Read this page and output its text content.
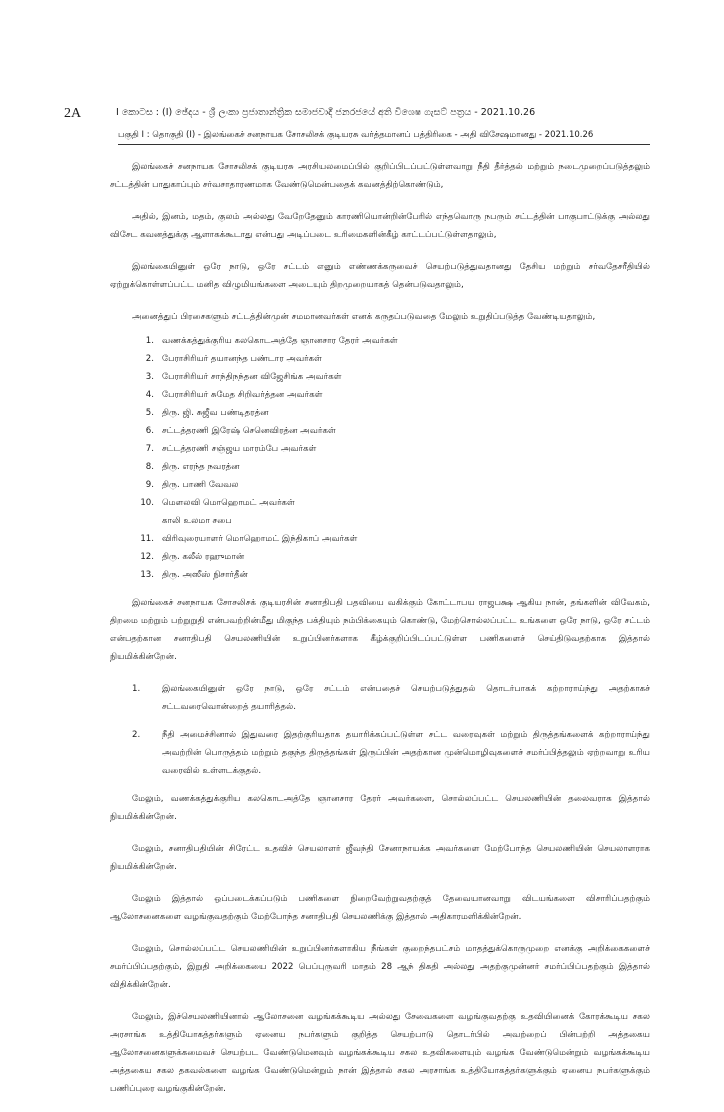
2A	I කොටස : (I) ඡේදය - ශ්‍රී ලංකා ප්‍රජාතාන්ත්‍රික සමාජවාදී ජනරජයේ අති විශෙෂ ගැසට් පත්‍රය - 2021.10.26
பகுதி I : தொகுதி (I) - இலங்கைச் சனநாயக சோசலிசக் குடியரசு வர்த்தமானப் பத்திரிகை - அதி விசேஷமானது - 2021.10.26

இலங்கைச் சனநாயக சோசலிசக் குடியரசு அரசியலமைப்பில் குறிப்பிடப்பட்டுள்ளவாறு நீதி தீர்த்தல் மற்றும் நடைமுறைப்படுத்தலும் சட்டத்தின் பாதுகாப்பும் சர்வசாதாரணமாக வேண்டுமென்பதைக் கவனத்திற்கொண்டும்,

அதில், இனம், மதம், குலம் அல்லது வேறேதேனும் காரணியொன்றின்பேரில் எந்தவொரு நபரும் சட்டத்தின் பாகுபாட்டுக்கு அல்லது விசேட கவனத்துக்கு ஆளாகக்கூடாது என்பது அடிப்படை உரிமைகளின்கீழ் காட்டப்பட்டுள்ளதாலும்,

இலங்கையினுள் ஒரே நாடு, ஒரே சட்டம் எனும் எண்ணக்கருவைச் செயற்படுத்துவதானது தேசிய மற்றும் சர்வதேசரீதியில் ஏற்றுக்கொள்ளப்பட்ட மனித விழுமியங்களை அடையும் திறமுறையாகத் தென்படுவதாலும்,

அனைத்துப் பிரசைகளும் சட்டத்தின்முன் சமமானவர்கள் எனக் கருதப்படுவதை மேலும் உறுதிப்படுத்த வேண்டியதாலும்,

1. வணக்கத்துக்குரிய கலகொடஅத்தே ஞானசார தேரர் அவர்கள்
2. பேராசிரியர் தயானந்த பண்டார அவர்கள்
3. பேராசிரியர் சாந்திநந்தன விஜேசிங்க அவர்கள்
4. பேராசிரியர் சுமேத சிறிவர்த்தன அவர்கள்
5. திரு. ஜி. சுஜீவ பண்டிதரத்ன
6. சட்டத்தரணி இரேஷ் செனெவிரத்ன அவர்கள்
7. சட்டத்தரணி சஞ்ஜய மாரம்பே அவர்கள்
8. திரு. எரந்த நவரத்ன
9. திரு. பாணி வேவல
10. மௌலவி மொஹொமட் அவர்கள்
காலி உலமா சபை
11. விரிவுரையாளர் மொஹொமட் இந்திகாப் அவர்கள்
12. திரு. கலீல் ரஹுமான்
13. திரு. அஸீஸ் நிசார்தீன்

இலங்கைச் சனநாயக சோசலிசக் குடியரசின் சனாதிபதி பதவியை வகிக்கும் கோட்டாபய ராஜபக்ஷ ஆகிய நான், தங்களின் விவேகம், திறமை மற்றும் பற்றுறுதி என்பவற்றின்மீது மிகுந்த பக்தியும் நம்பிக்கையும் கொண்டு, மேற்சொல்லப்பட்ட உங்களை ஒரே நாடு, ஒரே சட்டம் என்பதற்கான சனாதிபதி செயலணியின் உறுப்பினர்களாக கீழ்க்குறிப்பிடப்பட்டுள்ள பணிகளைச் செய்திடுவதற்காக இத்தால் நியமிக்கின்றேன்.

1.	இலங்கையினுள் ஒரே நாடு, ஒரே சட்டம் என்பதைச் செயற்படுத்துதல் தொடர்பாகக் கற்றாராய்ந்து அதற்காகச் சட்டவரைவொன்றைத் தயாரித்தல்.
2.	நீதி அமைச்சினால் இதுவரை இதற்குரியதாக தயாரிக்கப்பட்டுள்ள சட்ட வரைவுகள் மற்றும் திருத்தங்களைக் கற்றாராய்ந்து அவற்றின் பொருத்தம் மற்றும் தகுந்த திருத்தங்கள் இருப்பின் அதற்கான முன்மொழிவுகளைச் சமர்ப்பித்தலும் ஏற்றவாறு உரிய வரைவில் உள்ளடக்குதல்.

மேலும், வணக்கத்துக்குரிய கலகொடஅத்தே ஞானசார தேரர் அவர்களை, சொல்லப்பட்ட செயலணியின் தலைவராக இத்தால் நியமிக்கின்றேன்.

மேலும், சனாதிபதியின் சிரேட்ட உதவிச் செயலாளர் ஜீவந்தி சேனாநாயக்க அவர்களை மேற்போந்த செயலணியின் செயலாளராக நியமிக்கின்றேன்.

மேலும் இத்தால் ஒப்படைக்கப்படும் பணிகளை நிறைவேற்றுவதற்குத் தேவையானவாறு விடயங்களை விசாரிப்பதற்கும் ஆலோசனைகளை வழங்குவதற்கும் மேற்போந்த சனாதிபதி செயலணிக்கு இத்தால் அதிகாரமளிக்கின்றேன்.

மேலும், சொல்லப்பட்ட செயலணியின் உறுப்பினர்களாகிய நீங்கள் குறைந்தபட்சம் மாதத்துக்கொருமுறை எனக்கு அறிக்கைகளைச் சமர்ப்பிப்பதற்கும், இறுதி அறிக்கையை 2022 பெப்புருவரி மாதம் 28 ஆந் திகதி அல்லது அதற்குமுன்னர் சமர்ப்பிப்பதற்கும் இத்தால் விதிக்கின்றேன்.

மேலும், இச்செயலணியினால் ஆலோசனை வழங்கக்கூடிய அல்லது சேவைகளை வழங்குவதற்கு உதவியினைக் கோரக்கூடிய சகல அரசாங்க உத்தியோகத்தர்களும் ஏனைய நபர்களும் குறித்த செயற்பாடு தொடர்பில் அவற்றைப் பின்பற்றி அத்தகைய ஆலோசனைகளுக்கமைவச் செயற்பட வேண்டுமெனவும் வழங்கக்கூடிய சகல உதவிகளையும் வழங்க வேண்டுமென்றும் வழங்கக்கூடிய அத்தகைய சகல தகவல்களை வழங்க வேண்டுமென்றும் நான் இத்தால் சகல அரசாங்க உத்தியோகத்தர்களுக்கும் ஏனைய நபர்களுக்கும் பணிப்புரை வழங்குகின்றேன்.
